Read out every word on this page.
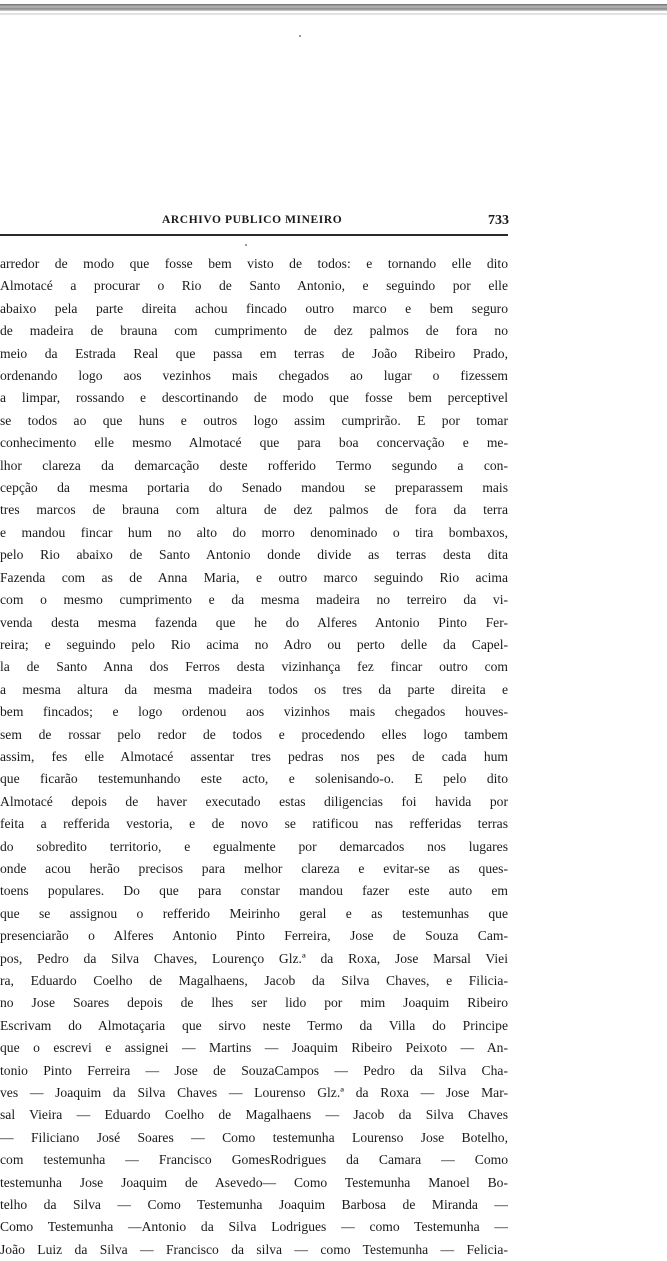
ARCHIVO PUBLICO MINEIRO	733
arredor de modo que fosse bem visto de todos: e tornando elle dito
Almotacé a procurar o Rio de Santo Antonio, e seguindo por elle
abaixo pela parte direita achou fincado outro marco e bem seguro
de madeira de brauna com cumprimento de dez palmos de fora no
meio da Estrada Real que passa em terras de João Ribeiro Prado,
ordenando logo aos vezinhos mais chegados ao lugar o fizessem
a limpar, rossando e descortinando de modo que fosse bem perceptivel
se todos ao que huns e outros logo assim cumprirão. E por tomar
conhecimento elle mesmo Almotacé que para boa concervação e me-
lhor clareza da demarcação deste rofferido Termo segundo a con-
cepção da mesma portaria do Senado mandou se preparassem mais
tres marcos de brauna com altura de dez palmos de fora da terra
e mandou fincar hum no alto do morro denominado o tira bombaxos,
pelo Rio abaixo de Santo Antonio donde divide as terras desta dita
Fazenda com as de Anna Maria, e outro marco seguindo Rio acima
com o mesmo cumprimento e da mesma madeira no terreiro da vi-
venda desta mesma fazenda que he do Alferes Antonio Pinto Fer-
reira; e seguindo pelo Rio acima no Adro ou perto delle da Capel-
la de Santo Anna dos Ferros desta vizinhança fez fincar outro com
a mesma altura da mesma madeira todos os tres da parte direita e
bem fincados; e logo ordenou aos vizinhos mais chegados houves-
sem de rossar pelo redor de todos e procedendo elles logo tambem
assim, fes elle Almotacé assentar tres pedras nos pes de cada hum
que ficarão testemunhando este acto, e solenisando-o. E pelo dito
Almotacé depois de haver executado estas diligencias foi havida por
feita a refferida vestoria, e de novo se ratificou nas refferidas terras
do sobredito territorio, e egualmente por demarcados nos lugares
onde acou herão precisos para melhor clareza e evitar-se as ques-
toens populares. Do que para constar mandou fazer este auto em
que se assignou o refferido Meirinho geral e as testemunhas que
presenciarão o Alferes Antonio Pinto Ferreira, Jose de Souza Cam-
pos, Pedro da Silva Chaves, Lourenço Glz.ª da Roxa, Jose Marsal Viei
ra, Eduardo Coelho de Magalhaens, Jacob da Silva Chaves, e Filicia-
no Jose Soares depois de lhes ser lido por mim Joaquim Ribeiro
Escrivam do Almotaçaria que sirvo neste Termo da Villa do Principe
que o escrevi e assignei — Martins — Joaquim Ribeiro Peixoto — An-
tonio Pinto Ferreira — Jose de SouzaCampos — Pedro da Silva Cha-
ves — Joaquim da Silva Chaves — Lourenso Glz.ª da Roxa — Jose Mar-
sal Vieira — Eduardo Coelho de Magalhaens — Jacob da Silva Chaves
— Filiciano José Soares — Como testemunha Lourenso Jose Botelho,
com testemunha — Francisco GomesRodrigues da Camara — Como
testemunha Jose Joaquim de Asevedo— Como Testemunha Manoel Bo-
telho da Silva — Como Testemunha Joaquim Barbosa de Miranda —
Como Testemunha —Antonio da Silva Lodrigues — como Testemunha —
João Luiz da Silva — Francisco da silva — como Testemunha — Felicia-
